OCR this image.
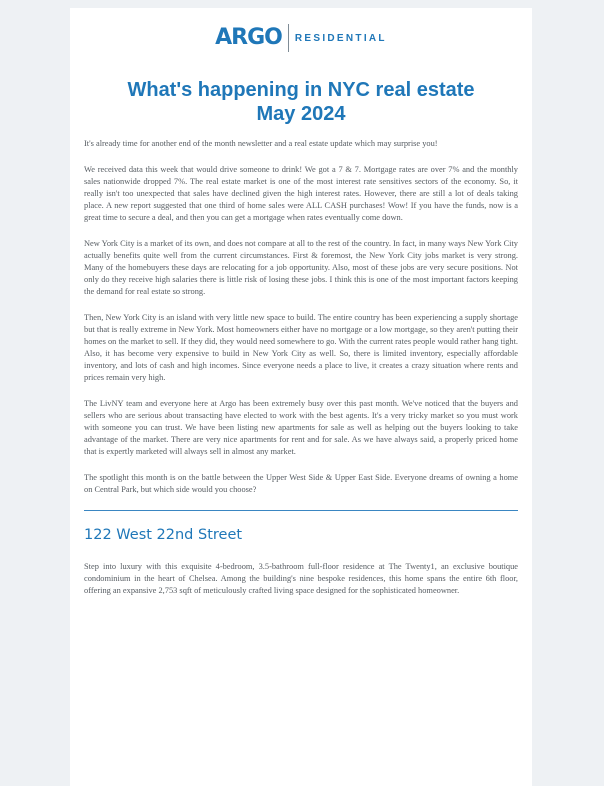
ARGO RESIDENTIAL
What's happening in NYC real estate
May 2024

It's already time for another end of the month newsletter and a real estate update which may surprise you!

We received data this week that would drive someone to drink! We got a 7 & 7. Mortgage rates are over 7% and the monthly sales nationwide dropped 7%. The real estate market is one of the most interest rate sensitives sectors of the economy. So, it really isn't too unexpected that sales have declined given the high interest rates. However, there are still a lot of deals taking place. A new report suggested that one third of home sales were ALL CASH purchases! Wow! If you have the funds, now is a great time to secure a deal, and then you can get a mortgage when rates eventually come down.

New York City is a market of its own, and does not compare at all to the rest of the country. In fact, in many ways New York City actually benefits quite well from the current circumstances. First & foremost, the New York City jobs market is very strong. Many of the homebuyers these days are relocating for a job opportunity. Also, most of these jobs are very secure positions. Not only do they receive high salaries there is little risk of losing these jobs. I think this is one of the most important factors keeping the demand for real estate so strong.

Then, New York City is an island with very little new space to build. The entire country has been experiencing a supply shortage but that is really extreme in New York. Most homeowners either have no mortgage or a low mortgage, so they aren't putting their homes on the market to sell. If they did, they would need somewhere to go. With the current rates people would rather hang tight. Also, it has become very expensive to build in New York City as well. So, there is limited inventory, especially affordable inventory, and lots of cash and high incomes. Since everyone needs a place to live, it creates a crazy situation where rents and prices remain very high.

The LivNY team and everyone here at Argo has been extremely busy over this past month. We've noticed that the buyers and sellers who are serious about transacting have elected to work with the best agents. It's a very tricky market so you must work with someone you can trust. We have been listing new apartments for sale as well as helping out the buyers looking to take advantage of the market. There are very nice apartments for rent and for sale. As we have always said, a properly priced home that is expertly marketed will always sell in almost any market.

The spotlight this month is on the battle between the Upper West Side & Upper East Side. Everyone dreams of owning a home on Central Park, but which side would you choose?

122 West 22nd Street

Step into luxury with this exquisite 4-bedroom, 3.5-bathroom full-floor residence at The Twenty1, an exclusive boutique condominium in the heart of Chelsea. Among the building's nine bespoke residences, this home spans the entire 6th floor, offering an expansive 2,753 sqft of meticulously crafted living space designed for the sophisticated homeowner.
